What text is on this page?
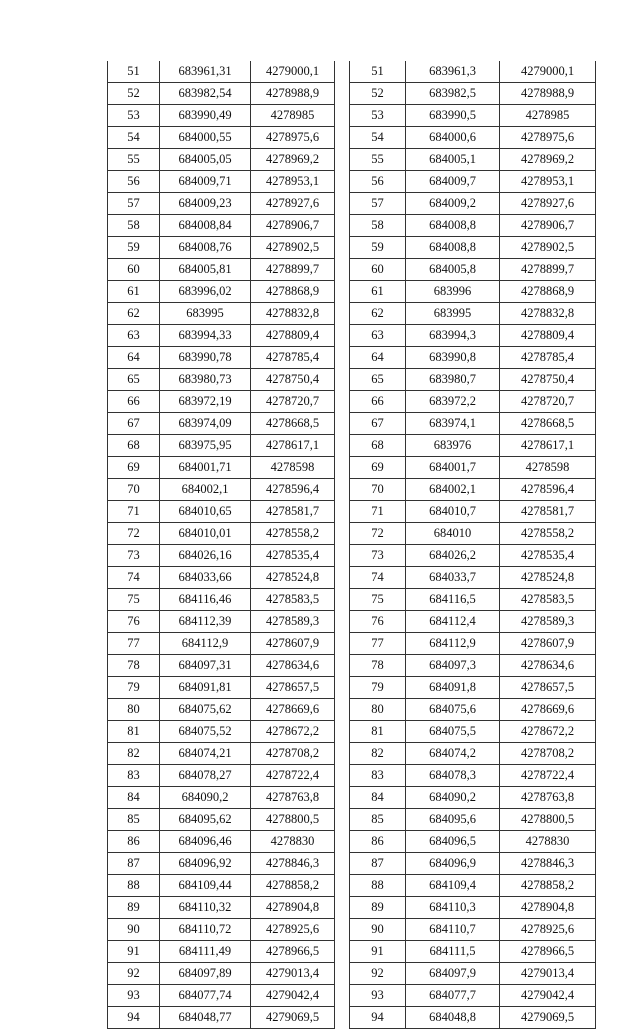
51	683961,31	4279000,1
52	683982,54	4278988,9
53	683990,49	4278985
54	684000,55	4278975,6
55	684005,05	4278969,2
56	684009,71	4278953,1
57	684009,23	4278927,6
58	684008,84	4278906,7
59	684008,76	4278902,5
60	684005,81	4278899,7
61	683996,02	4278868,9
62	683995	4278832,8
63	683994,33	4278809,4
64	683990,78	4278785,4
65	683980,73	4278750,4
66	683972,19	4278720,7
67	683974,09	4278668,5
68	683975,95	4278617,1
69	684001,71	4278598
70	684002,1	4278596,4
71	684010,65	4278581,7
72	684010,01	4278558,2
73	684026,16	4278535,4
74	684033,66	4278524,8
75	684116,46	4278583,5
76	684112,39	4278589,3
77	684112,9	4278607,9
78	684097,31	4278634,6
79	684091,81	4278657,5
80	684075,62	4278669,6
81	684075,52	4278672,2
82	684074,21	4278708,2
83	684078,27	4278722,4
84	684090,2	4278763,8
85	684095,62	4278800,5
86	684096,46	4278830
87	684096,92	4278846,3
88	684109,44	4278858,2
89	684110,32	4278904,8
90	684110,72	4278925,6
91	684111,49	4278966,5
92	684097,89	4279013,4
93	684077,74	4279042,4
94	684048,77	4279069,5
51	683961,3	4279000,1
52	683982,5	4278988,9
53	683990,5	4278985
54	684000,6	4278975,6
55	684005,1	4278969,2
56	684009,7	4278953,1
57	684009,2	4278927,6
58	684008,8	4278906,7
59	684008,8	4278902,5
60	684005,8	4278899,7
61	683996	4278868,9
62	683995	4278832,8
63	683994,3	4278809,4
64	683990,8	4278785,4
65	683980,7	4278750,4
66	683972,2	4278720,7
67	683974,1	4278668,5
68	683976	4278617,1
69	684001,7	4278598
70	684002,1	4278596,4
71	684010,7	4278581,7
72	684010	4278558,2
73	684026,2	4278535,4
74	684033,7	4278524,8
75	684116,5	4278583,5
76	684112,4	4278589,3
77	684112,9	4278607,9
78	684097,3	4278634,6
79	684091,8	4278657,5
80	684075,6	4278669,6
81	684075,5	4278672,2
82	684074,2	4278708,2
83	684078,3	4278722,4
84	684090,2	4278763,8
85	684095,6	4278800,5
86	684096,5	4278830
87	684096,9	4278846,3
88	684109,4	4278858,2
89	684110,3	4278904,8
90	684110,7	4278925,6
91	684111,5	4278966,5
92	684097,9	4279013,4
93	684077,7	4279042,4
94	684048,8	4279069,5
